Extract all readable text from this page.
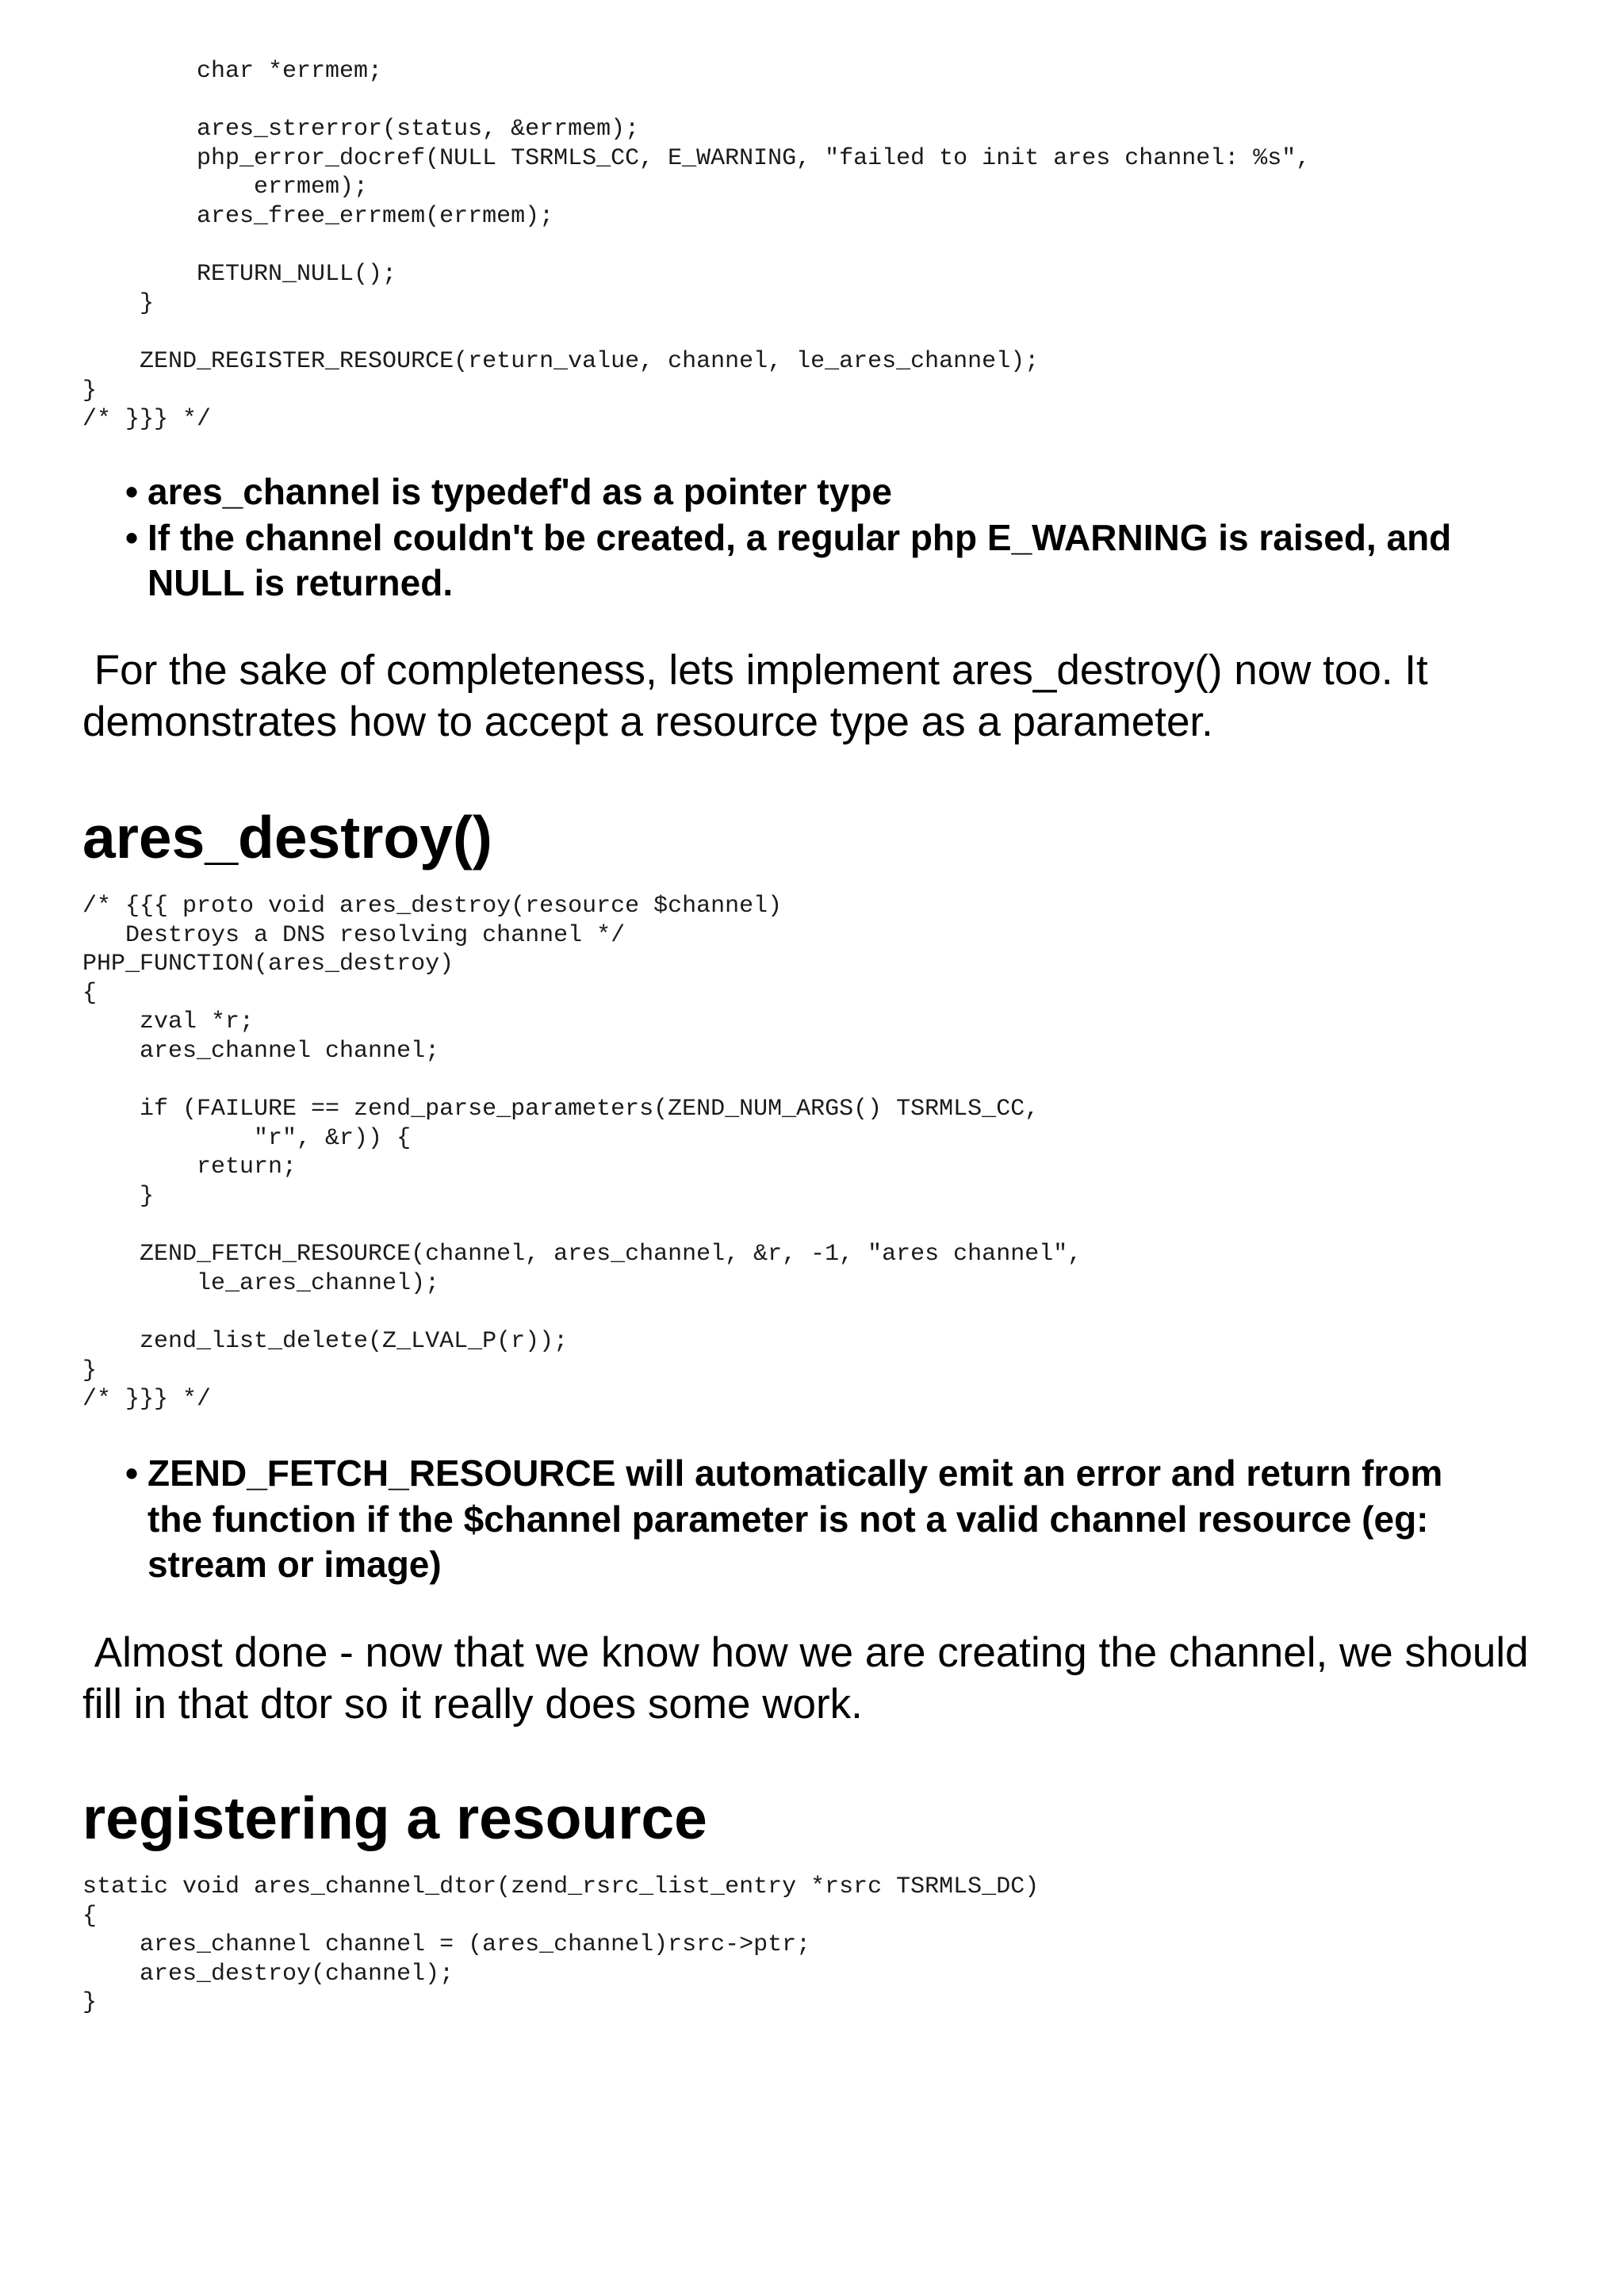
char *errmem;

ares_strerror(status, &errmem);
php_error_docref(NULL TSRMLS_CC, E_WARNING, "failed to init ares channel: %s",
errmem);
ares_free_errmem(errmem);

RETURN_NULL();
}

ZEND_REGISTER_RESOURCE(return_value, channel, le_ares_channel);
}
/* }}} */
• ares_channel is typedef'd as a pointer type
• If the channel couldn't be created, a regular php E_WARNING is raised, and NULL is returned.

For the sake of completeness, lets implement ares_destroy() now too. It demonstrates how to accept a resource type as a parameter.

ares_destroy()
/* {{{ proto void ares_destroy(resource $channel)
Destroys a DNS resolving channel */
PHP_FUNCTION(ares_destroy)
{
zval *r;
ares_channel channel;

if (FAILURE == zend_parse_parameters(ZEND_NUM_ARGS() TSRMLS_CC,
"r", &r)) {
return;
}

ZEND_FETCH_RESOURCE(channel, ares_channel, &r, -1, "ares channel",
le_ares_channel);

zend_list_delete(Z_LVAL_P(r));
}
/* }}} */
• ZEND_FETCH_RESOURCE will automatically emit an error and return from the function if the $channel parameter is not a valid channel resource (eg: stream or image)

Almost done - now that we know how we are creating the channel, we should fill in that dtor so it really does some work.

registering a resource
static void ares_channel_dtor(zend_rsrc_list_entry *rsrc TSRMLS_DC)
{
ares_channel channel = (ares_channel)rsrc->ptr;
ares_destroy(channel);
}
